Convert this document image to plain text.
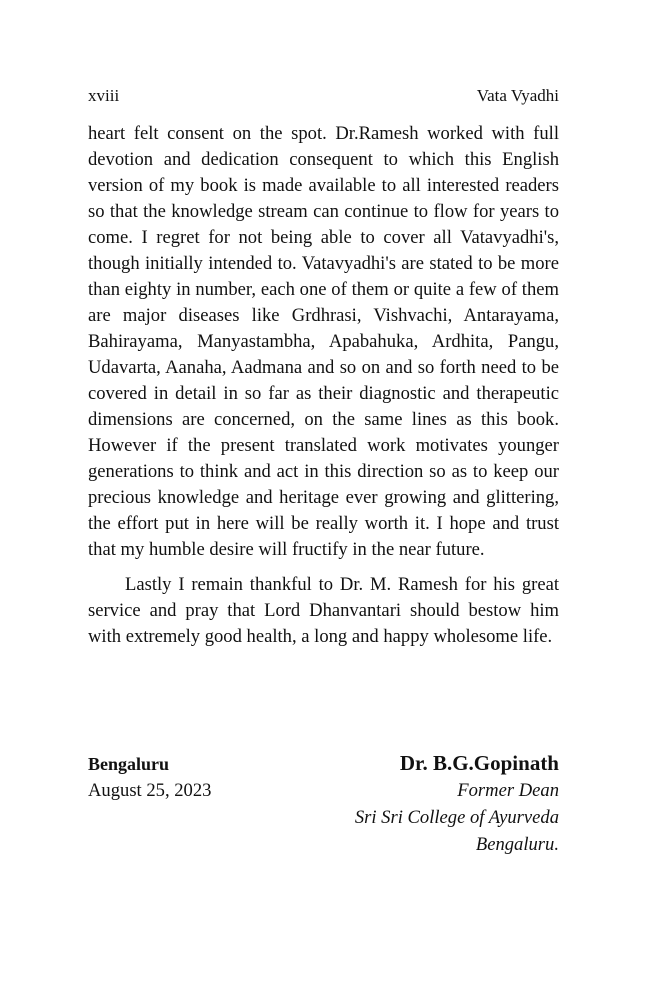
xviii	Vata Vyadhi

heart felt consent on the spot. Dr.Ramesh worked with full devotion and dedication consequent to which this English version of my book is made available to all interested readers so that the knowledge stream can continue to flow for years to come. I regret for not being able to cover all Vatavyadhi's, though initially intended to. Vatavyadhi's are stated to be more than eighty in number, each one of them or quite a few of them are major diseases like Grdhrasi, Vishvachi, Antarayama, Bahirayama, Manyastambha, Apabahuka, Ardhita, Pangu, Udavarta, Aanaha, Aadmana and so on and so forth need to be covered in detail in so far as their diagnostic and therapeutic dimensions are concerned, on the same lines as this book. However if the present translated work motivates younger generations to think and act in this direction so as to keep our precious knowledge and heritage ever growing and glittering, the effort put in here will be really worth it. I hope and trust that my humble desire will fructify in the near future.

Lastly I remain thankful to Dr. M. Ramesh for his great service and pray that Lord Dhanvantari should bestow him with extremely good health, a long and happy wholesome life.

Bengaluru	Dr. B.G.Gopinath
August 25, 2023	Former Dean
Sri Sri College of Ayurveda
Bengaluru.
